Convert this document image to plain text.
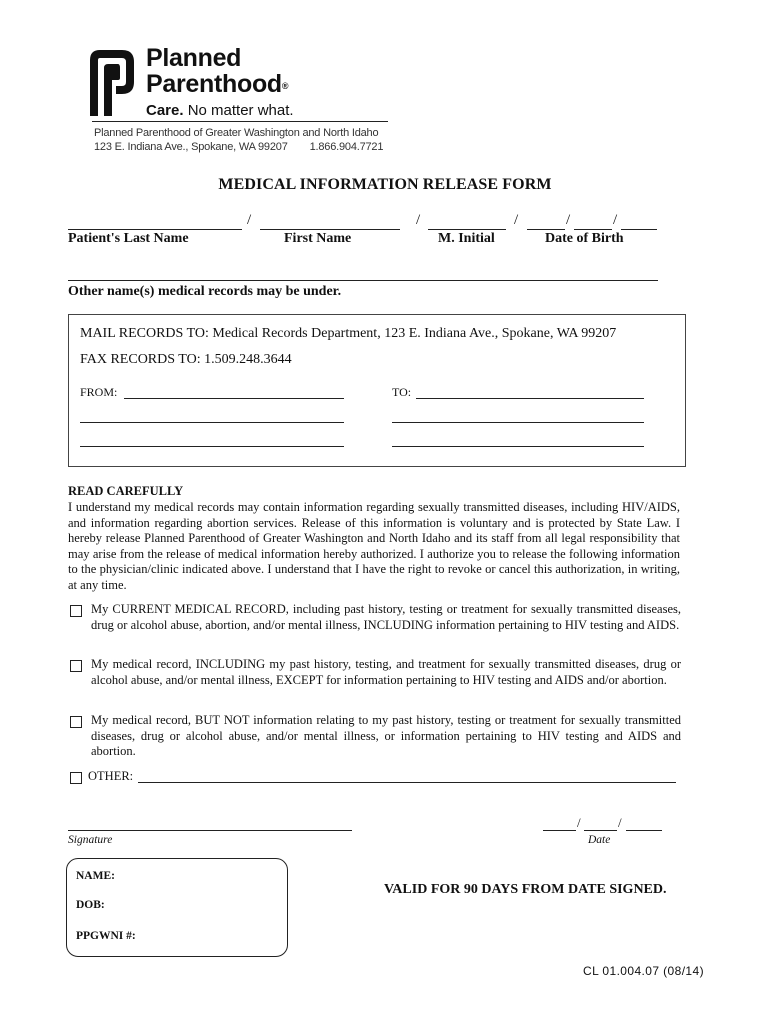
Planned
Parenthood®
Care. No matter what.
Planned Parenthood of Greater Washington and North Idaho
123 E. Indiana Ave., Spokane, WA 99207 1.866.904.7721
MEDICAL INFORMATION RELEASE FORM
/	/	/	/	/
Patient's Last Name	First Name	M. Initial	Date of Birth
Other name(s) medical records may be under.
MAIL RECORDS TO: Medical Records Department, 123 E. Indiana Ave., Spokane, WA 99207
FAX RECORDS TO: 1.509.248.3644
FROM:	TO:
READ CAREFULLY
I understand my medical records may contain information regarding sexually transmitted diseases, including HIV/AIDS, and information regarding abortion services. Release of this information is voluntary and is protected by State Law. I hereby release Planned Parenthood of Greater Washington and North Idaho and its staff from all legal responsibility that may arise from the release of medical information hereby authorized. I authorize you to release the following information to the physician/clinic indicated above. I understand that I have the right to revoke or cancel this authorization, in writing, at any time.
My CURRENT MEDICAL RECORD, including past history, testing or treatment for sexually transmitted diseases, drug or alcohol abuse, abortion, and/or mental illness, INCLUDING information pertaining to HIV testing and AIDS.
My medical record, INCLUDING my past history, testing, and treatment for sexually transmitted diseases, drug or alcohol abuse, and/or mental illness, EXCEPT for information pertaining to HIV testing and AIDS and/or abortion.
My medical record, BUT NOT information relating to my past history, testing or treatment for sexually transmitted diseases, drug or alcohol abuse, and/or mental illness, or information pertaining to HIV testing and AIDS and abortion.
OTHER:
Signature
/	/
Date
NAME:
DOB:
PPGWNI #:
VALID FOR 90 DAYS FROM DATE SIGNED.
CL 01.004.07 (08/14)
